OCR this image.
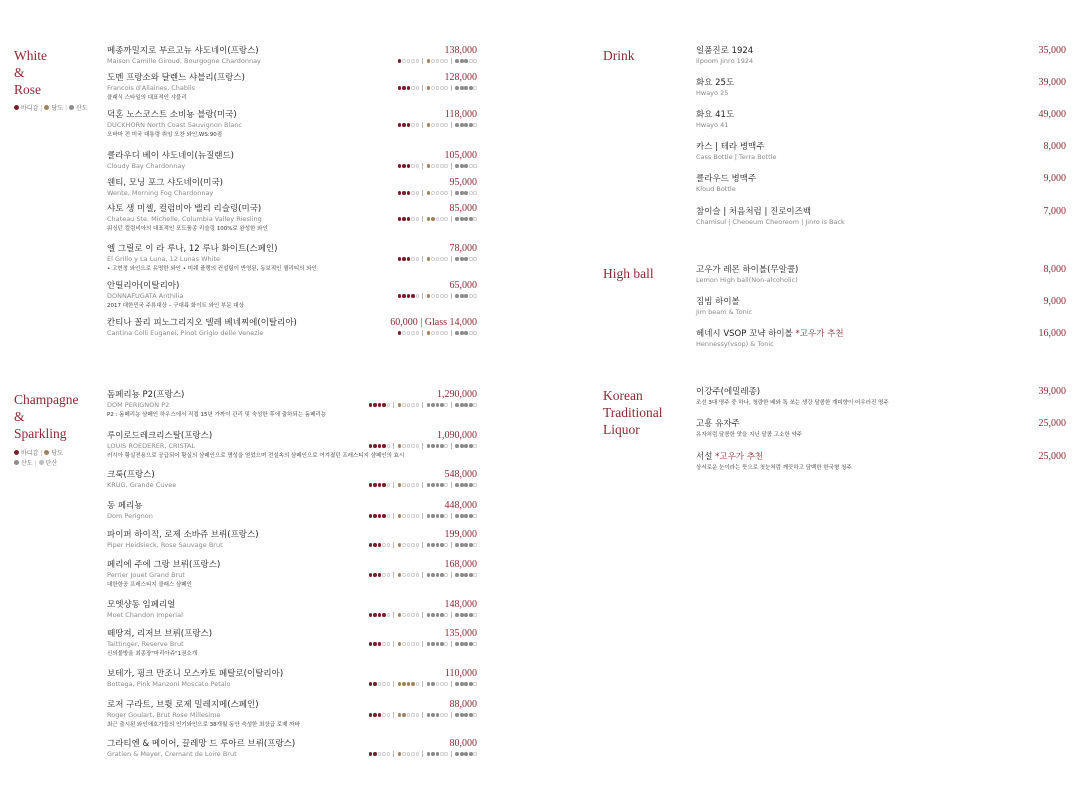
White
&
Rose
바디감 | 당도 | 산도
메종까밀지로 부르고뉴 샤도네이(프랑스)
Maison Camille Giroud, Bourgogne Chardonnay
138,000
도멘 프랑소와 달렌느 샤블리(프랑스)
Francois d'Allaines, Chablis
클래식 스타일의 대표적인 샤블리
128,000
덕혼 노스코스트 소비뇽 블랑(미국)
DUCKHORN North Coast Sauvignon Blanc
오바마 전 미국 대통령 취임 오찬 와인,WS:90점
118,000
클라우디 베이 샤도네이(뉴질랜드)
Cloudy Bay Chardonnay
105,000
웬티, 모닝 포그 샤도네이(미국)
Wente, Morning Fog Chardonnay
95,000
샤토 생 미셸, 컬럼비아 밸리 리슬링(미국)
Chateau Ste. Michelle, Columbia Valley Riesling
워싱턴 컬럼비아의 대표적인 포도품종 리슬링 100%로 완성한 와인
85,000
엘 그릴로 이 라 루나, 12 루나 화이트(스페인)
El Grillo y La Luna, 12 Lunas White
• 고현정 와인으로 유명한 와인 • 미쉐 플랭의 컨설팅이 반영된, 동보적인 퀄리티의 와인
78,000
안띨리아(이탈리아)
DONNAFUGATA Anthilia
2017 대한민국 주류대상 – 구대륙 화이트 와인 부문 대상
65,000
칸티나 꼴리 피노그리지오 델레 베네찌에(이탈리아)
Cantina Colli Euganei, Pinot Grigio delle Venezie
60,000 | Glass 14,000
Champagne
&
Sparkling
바디감 | 당도
산도 | 탄산
돔페리뇽 P2(프랑스)
DOM PERIGNON P2
P2 : 돔페리뇽 샴페인 하우스에서 직접 15년 가까이 관리 및 숙성한 후에 출하되는 돔페리뇽
1,290,000
루이로드레크리스탈(프랑스)
LOUIS ROEDERER, CRISTAL
러시아 황실전용으로 공급되어 황실의 샴페인으로 명성을 얻었으며 전설속의 샴페인으로 여겨졌던 프레스티지 샴페인의 효시
1,090,000
크룩(프랑스)
KRUG, Grande Cuvee
548,000
동 페리뇽
Dom Perignon
448,000
파이퍼 하이직, 로제 소바쥬 브뤼(프랑스)
Piper Heidsieck, Rose Sauvage Brut
199,000
페리에 주에 그랑 브뤼(프랑스)
Perrier Jouet Grand Brut
대한항공 프레스티지 클래스 샴페인
168,000
모엣샹동 임페리얼
Moet Chandon Imperial
148,000
떼땅져, 리저브 브뤼(프랑스)
Taittinger, Reserve Brut
신의물방울 최종장"마리아쥬"1권소개
135,000
보테가, 핑크 만조니 모스카토 페탈로(이탈리아)
Bottega, Pink Manzoni Moscato Petalo
110,000
로저 구라트, 브륏 로제 밀레지메(스페인)
Roger Goulart, Brut Rose Millesime
최근 출시된 와인애호가들의 인기와인으로 38개월 동안 숙성한 최상급 로제 까바
88,000
그라티엔 & 메이어, 끌레망 드 루아르 브뤼(프랑스)
Gratien & Meyer, Cremant de Loire Brut
80,000
Drink	일품진로 1924
Ilpoom Jinro 1924
35,000
화요 25도
Hwayo 25
39,000
화요 41도
Hwayo 41
49,000
카스 | 테라 병맥주
Cass Bottle | Terra Bottle
8,000
클라우드 병맥주
Kloud Bottle
9,000
참이슬 | 처음처럼 | 진로이즈백
Chamisul | Cheoeum Cheoreom | Jinro is Back
7,000
High ball	고우가 레몬 하이볼(무알콜)
Lemon High ball(Non-alcoholic)
8,000
짐빔 하이볼
Jim beam & Tonic
9,000
헤네시 VSOP 꼬냑 하이볼 *고우가 추천
Hennessy(vsop) & Tonic
16,000
Korean
Traditional
Liquor
이강주(에밀레종)
조선 3대 명주 중 하나, 청량한 배와 톡 쏘는 생강 달콤한 계피향이 어우러진 명주
39,000
고흥 유자주
유자처럼 달콤한 맛을 지닌 달콤 고소한 약주
25,000
서설 *고우가 추천
상서로운 눈이라는 뜻으로 첫눈처럼 깨끗하고 담백한 한국형 청주
25,000
